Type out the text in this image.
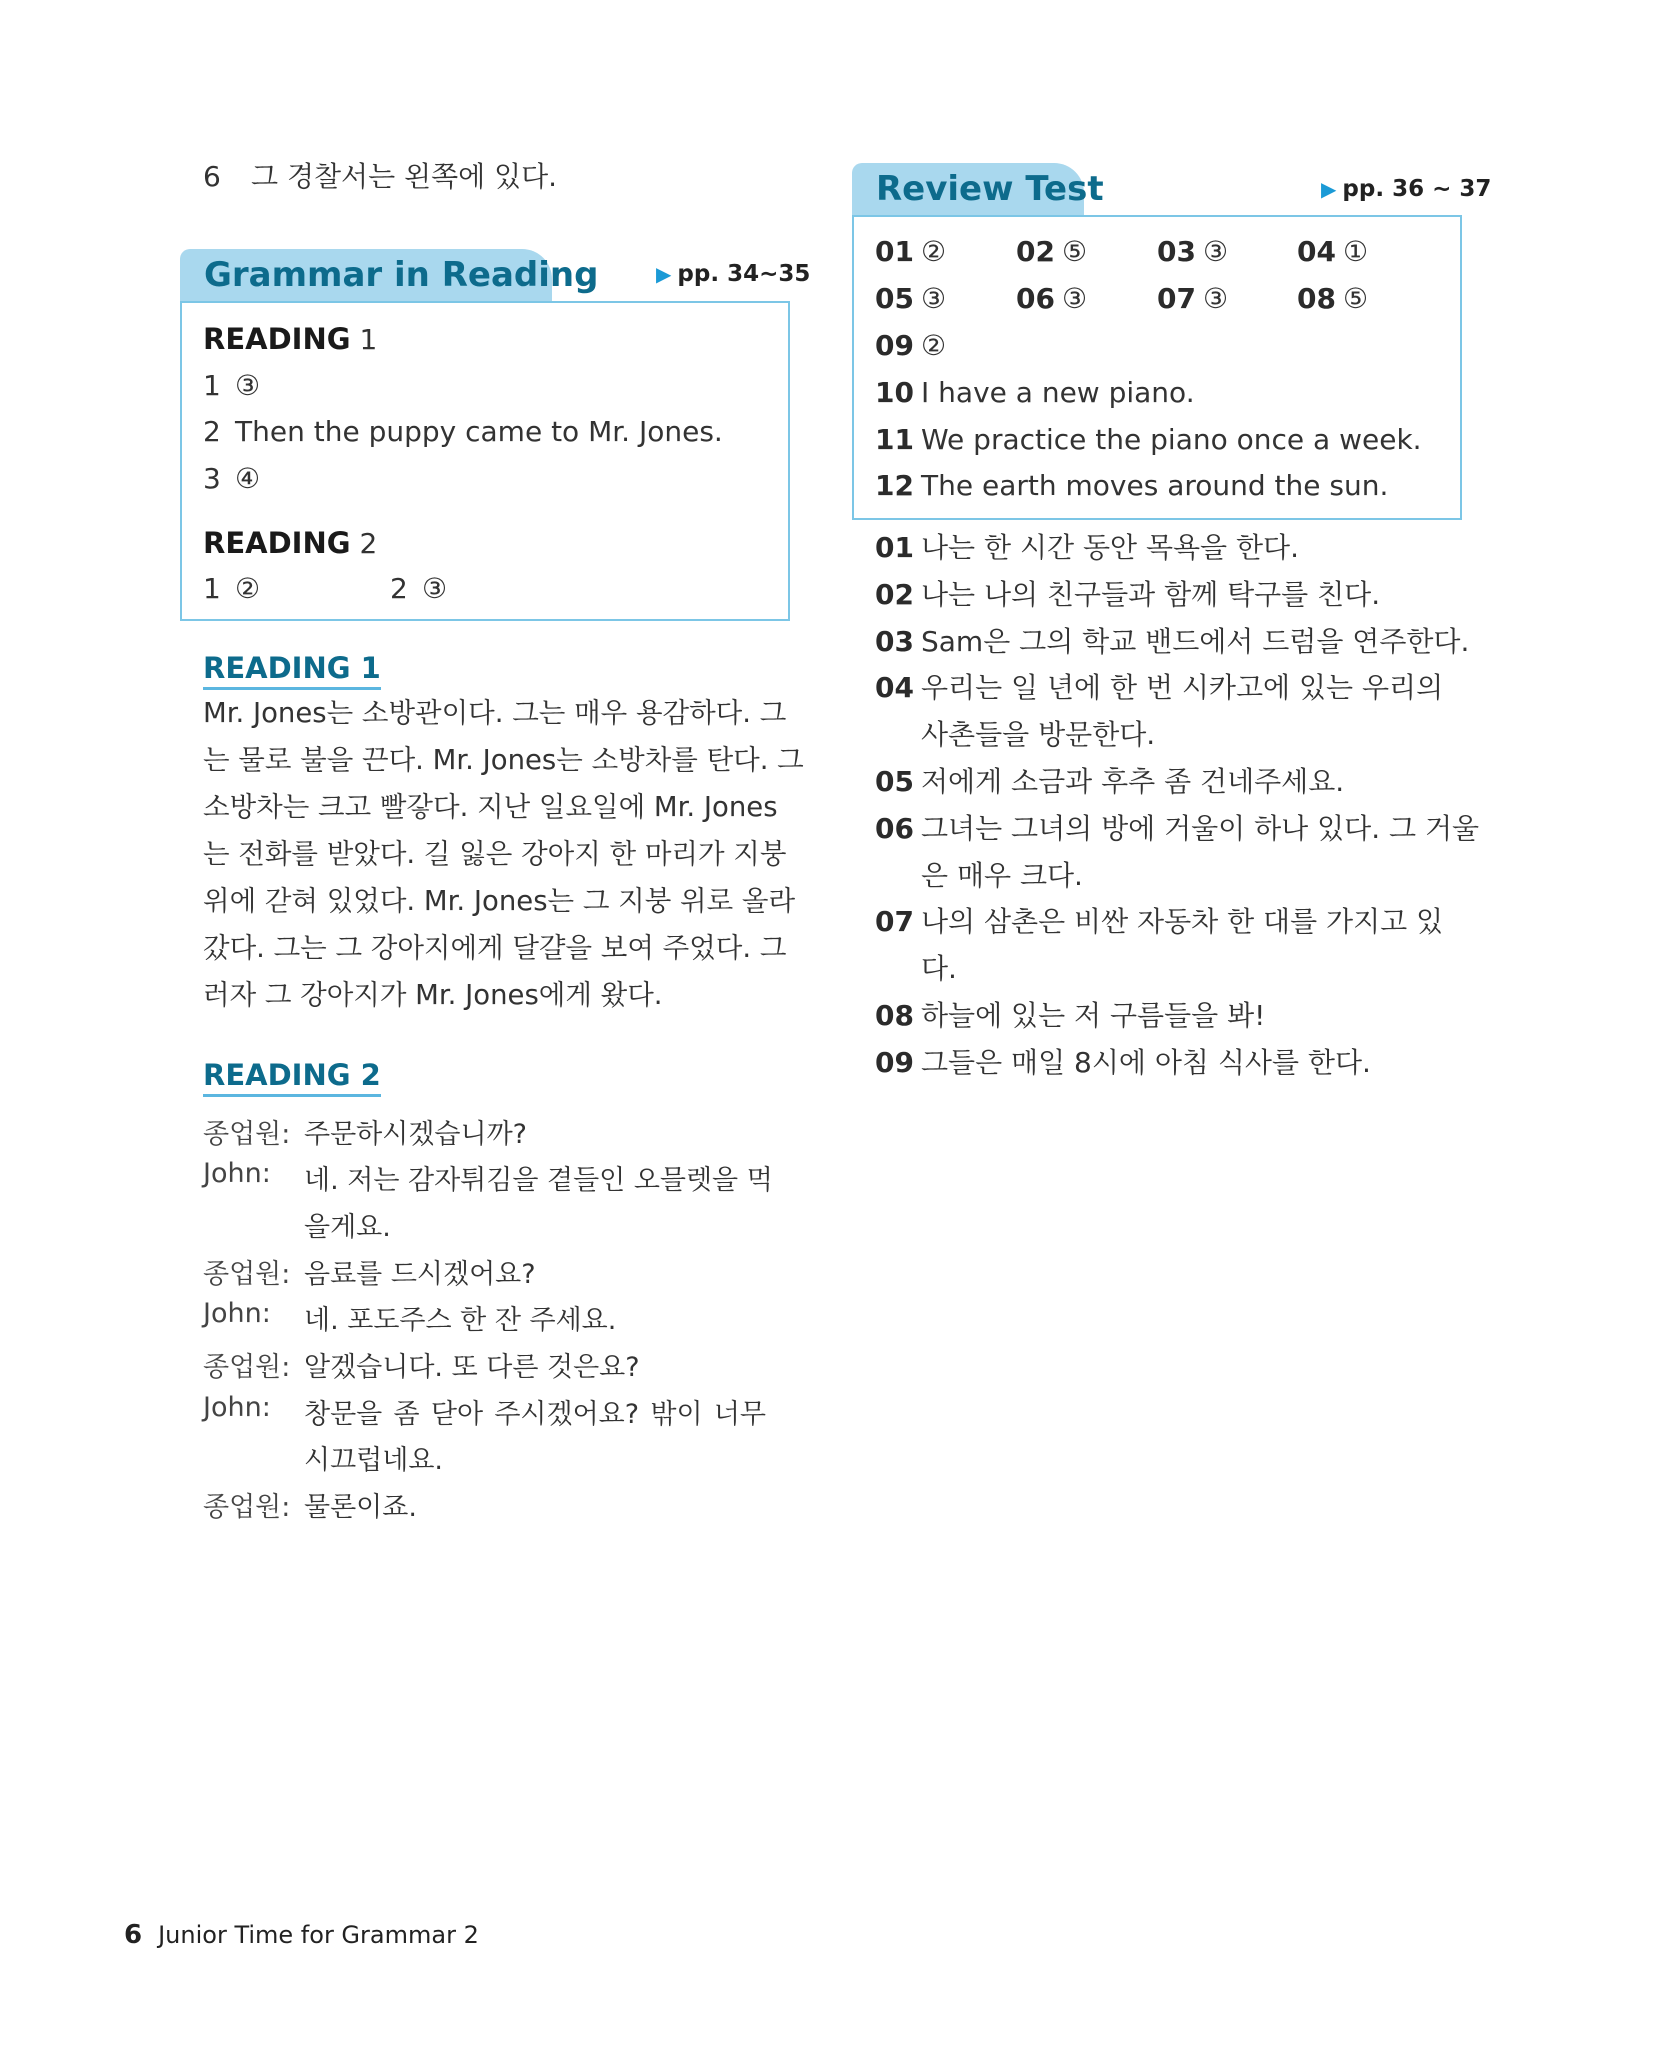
6 그 경찰서는 왼쪽에 있다.
Grammar in Reading	▶ pp. 34~35
READING 1
1 ③
2 Then the puppy came to Mr. Jones.
3 ④
READING 2
1 ②	2 ③
READING 1
Mr. Jones는 소방관이다. 그는 매우 용감하다. 그
는 물로 불을 끈다. Mr. Jones는 소방차를 탄다. 그
소방차는 크고 빨갛다. 지난 일요일에 Mr. Jones
는 전화를 받았다. 길 잃은 강아지 한 마리가 지붕
위에 갇혀 있었다. Mr. Jones는 그 지붕 위로 올라
갔다. 그는 그 강아지에게 달걀을 보여 주었다. 그
러자 그 강아지가 Mr. Jones에게 왔다.
READING 2
종업원: 주문하시겠습니까?
John: 네. 저는 감자튀김을 곁들인 오믈렛을 먹
을게요.
종업원: 음료를 드시겠어요?
John: 네. 포도주스 한 잔 주세요.
종업원: 알겠습니다. 또 다른 것은요?
John: 창문을 좀 닫아 주시겠어요? 밖이 너무
시끄럽네요.
종업원: 물론이죠.
Review Test	▶ pp. 36 ~ 37
01 ② 02 ⑤ 03 ③ 04 ①
05 ③ 06 ③ 07 ③ 08 ⑤
09 ②
10 I have a new piano.
11 We practice the piano once a week.
12 The earth moves around the sun.
01 나는 한 시간 동안 목욕을 한다.
02 나는 나의 친구들과 함께 탁구를 친다.
03 Sam은 그의 학교 밴드에서 드럼을 연주한다.
04 우리는 일 년에 한 번 시카고에 있는 우리의
사촌들을 방문한다.
05 저에게 소금과 후추 좀 건네주세요.
06 그녀는 그녀의 방에 거울이 하나 있다. 그 거울
은 매우 크다.
07 나의 삼촌은 비싼 자동차 한 대를 가지고 있
다.
08 하늘에 있는 저 구름들을 봐!
09 그들은 매일 8시에 아침 식사를 한다.
6 Junior Time for Grammar 2
